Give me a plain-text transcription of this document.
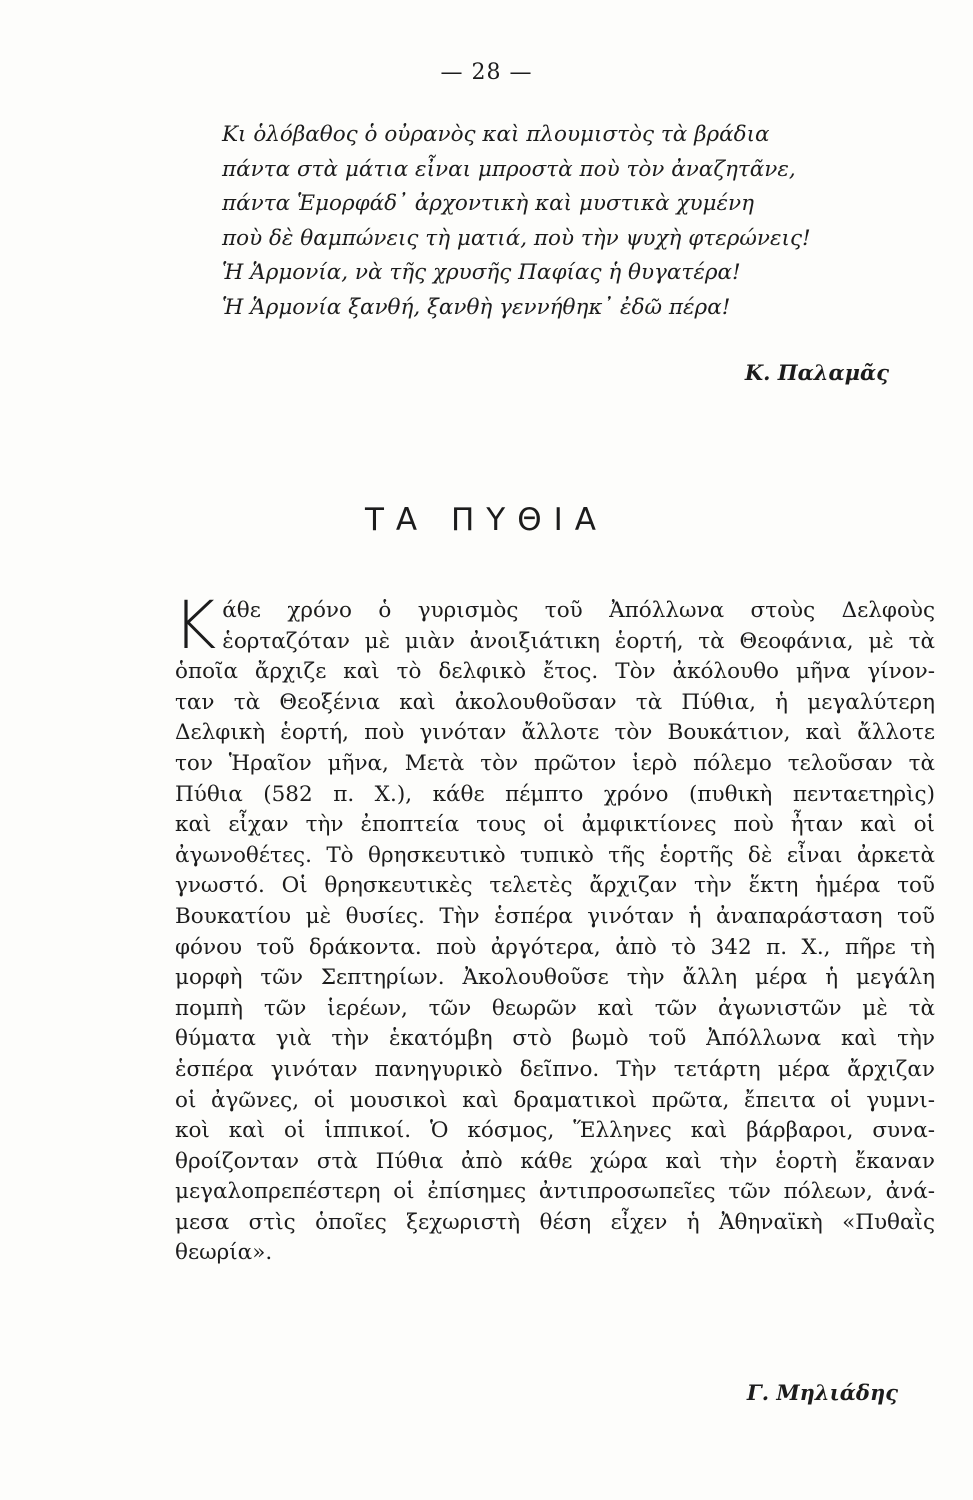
— 28 —
Κι ὁλόβαθος ὁ οὐρανὸς καὶ πλουμιστὸς τὰ βράδια
πάντα στὰ μάτια εἶναι μπροστὰ ποὺ τὸν ἀναζητᾶνε,
πάντα Ἑμορφάδ᾽ ἀρχοντικὴ καὶ μυστικὰ χυμένη
ποὺ δὲ θαμπώνεις τὴ ματιά, ποὺ τὴν ψυχὴ φτερώνεις!
Ἡ Ἁρμονία, νὰ τῆς χρυσῆς Παφίας ἡ θυγατέρα!
Ἡ Ἁρμονία ξανθή, ξανθὴ γεννήθηκ᾽ ἐδῶ πέρα!
Κ. Παλαμᾶς
ΤΑ ΠΥΘΙΑ
Κ άθε χρόνο ὁ γυρισμὸς τοῦ Ἀπόλλωνα στοὺς Δελφοὺς
ἑορταζόταν μὲ μιὰν ἀνοιξιάτικη ἑορτή, τὰ Θεοφάνια, μὲ τὰ
ὁποῖα ἄρχιζε καὶ τὸ δελφικὸ ἔτος. Τὸν ἀκόλουθο μῆνα γίνον-
ταν τὰ Θεοξένια καὶ ἀκολουθοῦσαν τὰ Πύθια, ἡ μεγαλύτερη
Δελφικὴ ἑορτή, ποὺ γινόταν ἄλλοτε τὸν Βουκάτιον, καὶ ἄλλοτε
τον Ἡραῖον μῆνα, Μετὰ τὸν πρῶτον ἱερὸ πόλεμο τελοῦσαν τὰ
Πύθια (582 π. Χ.), κάθε πέμπτο χρόνο (πυθικὴ πενταετηρὶς)
καὶ εἶχαν τὴν ἐποπτεία τους οἱ ἀμφικτίονες ποὺ ἦταν καὶ οἱ
ἀγωνοθέτες. Τὸ θρησκευτικὸ τυπικὸ τῆς ἑορτῆς δὲ εἶναι ἀρκετὰ
γνωστό. Οἱ θρησκευτικὲς τελετὲς ἄρχιζαν τὴν ἕκτη ἡμέρα τοῦ
Βουκατίου μὲ θυσίες. Τὴν ἑσπέρα γινόταν ἡ ἀναπαράσταση τοῦ
φόνου τοῦ δράκοντα. ποὺ ἀργότερα, ἀπὸ τὸ 342 π. Χ., πῆρε τὴ
μορφὴ τῶν Σεπτηρίων. Ἀκολουθοῦσε τὴν ἄλλη μέρα ἡ μεγάλη
πομπὴ τῶν ἱερέων, τῶν θεωρῶν καὶ τῶν ἀγωνιστῶν μὲ τὰ
θύματα γιὰ τὴν ἑκατόμβη στὸ βωμὸ τοῦ Ἀπόλλωνα καὶ τὴν
ἑσπέρα γινόταν πανηγυρικὸ δεῖπνο. Τὴν τετάρτη μέρα ἄρχιζαν
οἱ ἀγῶνες, οἱ μουσικοὶ καὶ δραματικοὶ πρῶτα, ἔπειτα οἱ γυμνι-
κοὶ καὶ οἱ ἱππικοί. Ὁ κόσμος, Ἕλληνες καὶ βάρβαροι, συνα-
θροίζονταν στὰ Πύθια ἀπὸ κάθε χώρα καὶ τὴν ἑορτὴ ἔκαναν
μεγαλοπρεπέστερη οἱ ἐπίσημες ἀντιπροσωπεῖες τῶν πόλεων, ἀνά-
μεσα στὶς ὁποῖες ξεχωριστὴ θέση εἶχεν ἡ Ἀθηναϊκὴ «Πυθαῒς
θεωρία».
Γ. Μηλιάδης
